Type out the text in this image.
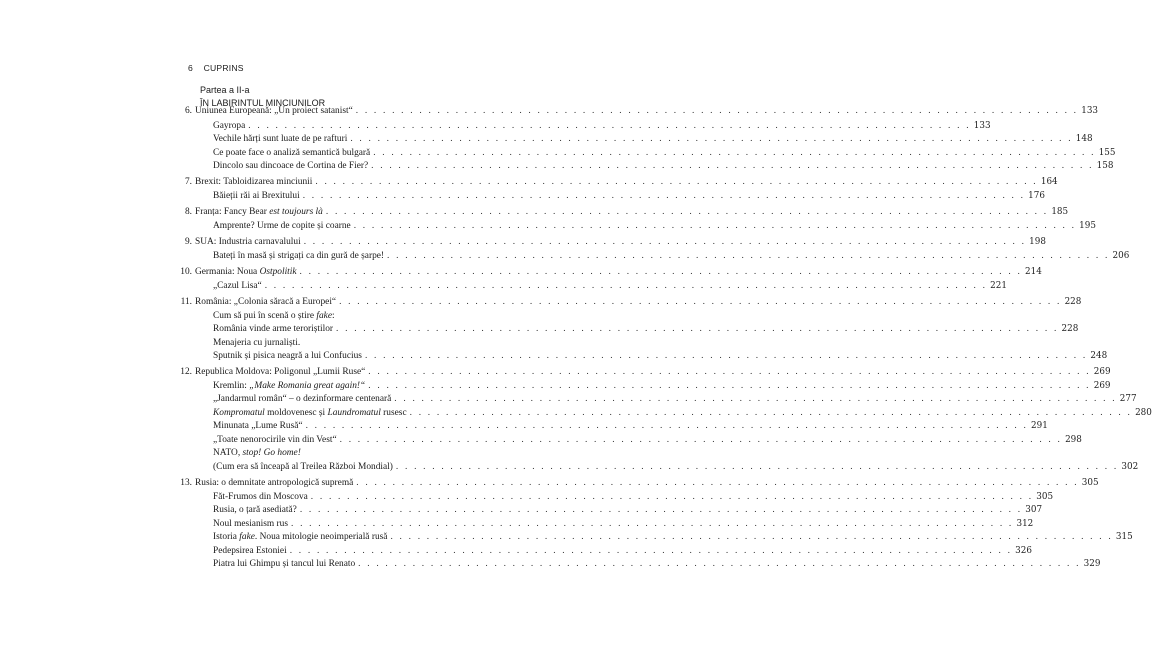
6 CUPRINS
Partea a II-a
ÎN LABIRINTUL MINCIUNILOR
6. Uniunea Europeană: „Un proiect satanist“ . . . . . . . . . . . . . . . . . . . . . . . . . . . . . . . . . . . . . . . . . . . . . . . . . . . . . . . . . . . . . . . . . . . . . . . . . . . . . . . . 133
Gayropa . . . . . . . . . . . . . . . . . . . . . . . . . . . . . . . . . . . . . . . . . . . . . . . . . . . . . . . . . . . . . . . . . . . . . . . . . . . . . . . . 133
Vechile hărți sunt luate de pe rafturi . . . . . . . . . . . . . . . . . . . . . . . . . . . . . . . . . . . . . . . . . . . . . . . . . . . . . . . . . . . . . . . . . . . . . . . . . . . . . . . . 148
Ce poate face o analiză semantică bulgară . . . . . . . . . . . . . . . . . . . . . . . . . . . . . . . . . . . . . . . . . . . . . . . . . . . . . . . . . . . . . . . . . . . . . . . . . . . . . . . . 155
Dincolo sau dincoace de Cortina de Fier? . . . . . . . . . . . . . . . . . . . . . . . . . . . . . . . . . . . . . . . . . . . . . . . . . . . . . . . . . . . . . . . . . . . . . . . . . . . . . . . . 158
7. Brexit: Tabloidizarea minciunii . . . . . . . . . . . . . . . . . . . . . . . . . . . . . . . . . . . . . . . . . . . . . . . . . . . . . . . . . . . . . . . . . . . . . . . . . . . . . . . . 164
Băieții răi ai Brexitului . . . . . . . . . . . . . . . . . . . . . . . . . . . . . . . . . . . . . . . . . . . . . . . . . . . . . . . . . . . . . . . . . . . . . . . . . . . . . . . . 176
8. Franța: Fancy Bear est toujours là . . . . . . . . . . . . . . . . . . . . . . . . . . . . . . . . . . . . . . . . . . . . . . . . . . . . . . . . . . . . . . . . . . . . . . . . . . . . . . . . 185
Amprente? Urme de copite și coarne . . . . . . . . . . . . . . . . . . . . . . . . . . . . . . . . . . . . . . . . . . . . . . . . . . . . . . . . . . . . . . . . . . . . . . . . . . . . . . . . 195
9. SUA: Industria carnavalului . . . . . . . . . . . . . . . . . . . . . . . . . . . . . . . . . . . . . . . . . . . . . . . . . . . . . . . . . . . . . . . . . . . . . . . . . . . . . . . . 198
Bateți în masă și strigați ca din gură de șarpe! . . . . . . . . . . . . . . . . . . . . . . . . . . . . . . . . . . . . . . . . . . . . . . . . . . . . . . . . . . . . . . . . . . . . . . . . . . . . . . . . 206
10. Germania: Noua Ostpolitik . . . . . . . . . . . . . . . . . . . . . . . . . . . . . . . . . . . . . . . . . . . . . . . . . . . . . . . . . . . . . . . . . . . . . . . . . . . . . . . . 214
„Cazul Lisa“ . . . . . . . . . . . . . . . . . . . . . . . . . . . . . . . . . . . . . . . . . . . . . . . . . . . . . . . . . . . . . . . . . . . . . . . . . . . . . . . . 221
11. România: „Colonia săracă a Europei“ . . . . . . . . . . . . . . . . . . . . . . . . . . . . . . . . . . . . . . . . . . . . . . . . . . . . . . . . . . . . . . . . . . . . . . . . . . . . . . . . 228
Cum să pui în scenă o știre fake:
România vinde arme teroriștilor . . . . . . . . . . . . . . . . . . . . . . . . . . . . . . . . . . . . . . . . . . . . . . . . . . . . . . . . . . . . . . . . . . . . . . . . . . . . . . . . 228
Menajeria cu jurnaliști.
Sputnik și pisica neagră a lui Confucius . . . . . . . . . . . . . . . . . . . . . . . . . . . . . . . . . . . . . . . . . . . . . . . . . . . . . . . . . . . . . . . . . . . . . . . . . . . . . . . . 248
12. Republica Moldova: Poligonul „Lumii Ruse“ . . . . . . . . . . . . . . . . . . . . . . . . . . . . . . . . . . . . . . . . . . . . . . . . . . . . . . . . . . . . . . . . . . . . . . . . . . . . . . . . 269
Kremlin: „Make Romania great again!“ . . . . . . . . . . . . . . . . . . . . . . . . . . . . . . . . . . . . . . . . . . . . . . . . . . . . . . . . . . . . . . . . . . . . . . . . . . . . . . . . 269
„Jandarmul român“ – o dezinformare centenară . . . . . . . . . . . . . . . . . . . . . . . . . . . . . . . . . . . . . . . . . . . . . . . . . . . . . . . . . . . . . . . . . . . . . . . . . . . . . . . . 277
Kompromatul moldovenesc și Laundromatul rusesc . . . . . . . . . . . . . . . . . . . . . . . . . . . . . . . . . . . . . . . . . . . . . . . . . . . . . . . . . . . . . . . . . . . . . . . . . . . . . . . . 280
Minunata „Lume Rusă“ . . . . . . . . . . . . . . . . . . . . . . . . . . . . . . . . . . . . . . . . . . . . . . . . . . . . . . . . . . . . . . . . . . . . . . . . . . . . . . . . 291
„Toate nenorocirile vin din Vest“ . . . . . . . . . . . . . . . . . . . . . . . . . . . . . . . . . . . . . . . . . . . . . . . . . . . . . . . . . . . . . . . . . . . . . . . . . . . . . . . . 298
NATO, stop! Go home!
(Cum era să înceapă al Treilea Război Mondial) . . . . . . . . . . . . . . . . . . . . . . . . . . . . . . . . . . . . . . . . . . . . . . . . . . . . . . . . . . . . . . . . . . . . . . . . . . . . . . . . 302
13. Rusia: o demnitate antropologică supremă . . . . . . . . . . . . . . . . . . . . . . . . . . . . . . . . . . . . . . . . . . . . . . . . . . . . . . . . . . . . . . . . . . . . . . . . . . . . . . . . 305
Făt-Frumos din Moscova . . . . . . . . . . . . . . . . . . . . . . . . . . . . . . . . . . . . . . . . . . . . . . . . . . . . . . . . . . . . . . . . . . . . . . . . . . . . . . . . 305
Rusia, o țară asediată? . . . . . . . . . . . . . . . . . . . . . . . . . . . . . . . . . . . . . . . . . . . . . . . . . . . . . . . . . . . . . . . . . . . . . . . . . . . . . . . . 307
Noul mesianism rus . . . . . . . . . . . . . . . . . . . . . . . . . . . . . . . . . . . . . . . . . . . . . . . . . . . . . . . . . . . . . . . . . . . . . . . . . . . . . . . . 312
Istoria fake. Noua mitologie neoimperială rusă . . . . . . . . . . . . . . . . . . . . . . . . . . . . . . . . . . . . . . . . . . . . . . . . . . . . . . . . . . . . . . . . . . . . . . . . . . . . . . . . 315
Pedepsirea Estoniei . . . . . . . . . . . . . . . . . . . . . . . . . . . . . . . . . . . . . . . . . . . . . . . . . . . . . . . . . . . . . . . . . . . . . . . . . . . . . . . . 326
Piatra lui Ghimpu și tancul lui Renato . . . . . . . . . . . . . . . . . . . . . . . . . . . . . . . . . . . . . . . . . . . . . . . . . . . . . . . . . . . . . . . . . . . . . . . . . . . . . . . . 329
